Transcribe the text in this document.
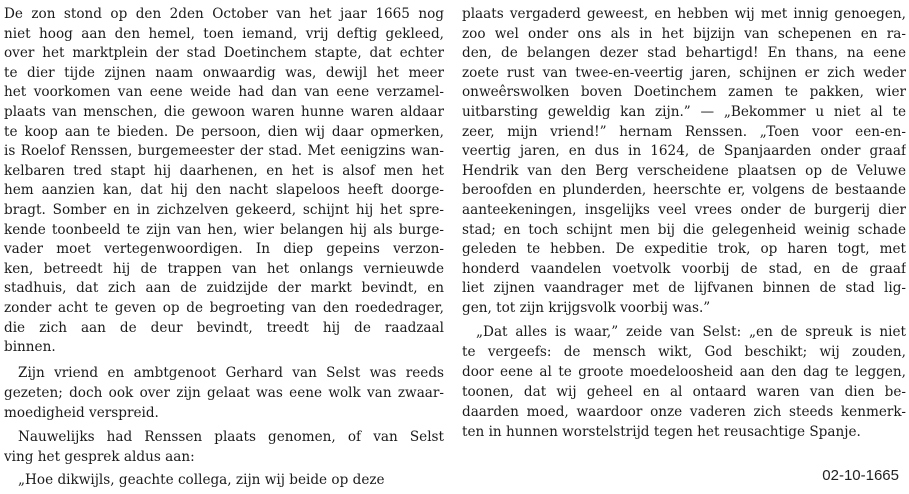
De zon stond op den 2den October van het jaar 1665 nog
niet hoog aan den hemel, toen iemand, vrij deftig gekleed,
over het marktplein der stad Doetinchem stapte, dat echter
te dier tijde zijnen naam onwaardig was, dewijl het meer
het voorkomen van eene weide had dan van eene verzamel-
plaats van menschen, die gewoon waren hunne waren aldaar
te koop aan te bieden. De persoon, dien wij daar opmerken,
is Roelof Renssen, burgemeester der stad. Met eenigzins wan-
kelbaren tred stapt hij daarhenen, en het is alsof men het
hem aanzien kan, dat hij den nacht slapeloos heeft doorge-
bragt. Somber en in zichzelven gekeerd, schijnt hij het spre-
kende toonbeeld te zijn van hen, wier belangen hij als burge-
vader moet vertegenwoordigen. In diep gepeins verzon-
ken, betreedt hij de trappen van het onlangs vernieuwde
stadhuis, dat zich aan de zuidzijde der markt bevindt, en
zonder acht te geven op de begroeting van den roededrager,
die zich aan de deur bevindt, treedt hij de raadzaal
binnen.
Zijn vriend en ambtgenoot Gerhard van Selst was reeds
gezeten; doch ook over zijn gelaat was eene wolk van zwaar-
moedigheid verspreid.
Nauwelijks had Renssen plaats genomen, of van Selst
ving het gesprek aldus aan:
„Hoe dikwijls, geachte collega, zijn wij beide op deze
plaats vergaderd geweest, en hebben wij met innig genoegen,
zoo wel onder ons als in het bijzijn van schepenen en ra-
den, de belangen dezer stad behartigd! En thans, na eene
zoete rust van twee-en-veertig jaren, schijnen er zich weder
onweêrswolken boven Doetinchem zamen te pakken, wier
uitbarsting geweldig kan zijn.” — „Bekommer u niet al te
zeer, mijn vriend!” hernam Renssen. „Toen voor een-en-
veertig jaren, en dus in 1624, de Spanjaarden onder graaf
Hendrik van den Berg verscheidene plaatsen op de Veluwe
beroofden en plunderden, heerschte er, volgens de bestaande
aanteekeningen, insgelijks veel vrees onder de burgerij dier
stad; en toch schijnt men bij die gelegenheid weinig schade
geleden te hebben. De expeditie trok, op haren togt, met
honderd vaandelen voetvolk voorbij de stad, en de graaf
liet zijnen vaandrager met de lijfvanen binnen de stad lig-
gen, tot zijn krijgsvolk voorbij was.”
„Dat alles is waar,” zeide van Selst: „en de spreuk is niet
te vergeefs: de mensch wikt, God beschikt; wij zouden,
door eene al te groote moedeloosheid aan den dag te leggen,
toonen, dat wij geheel en al ontaard waren van dien be-
daarden moed, waardoor onze vaderen zich steeds kenmerk-
ten in hunnen worstelstrijd tegen het reusachtige Spanje.
02-10-1665
